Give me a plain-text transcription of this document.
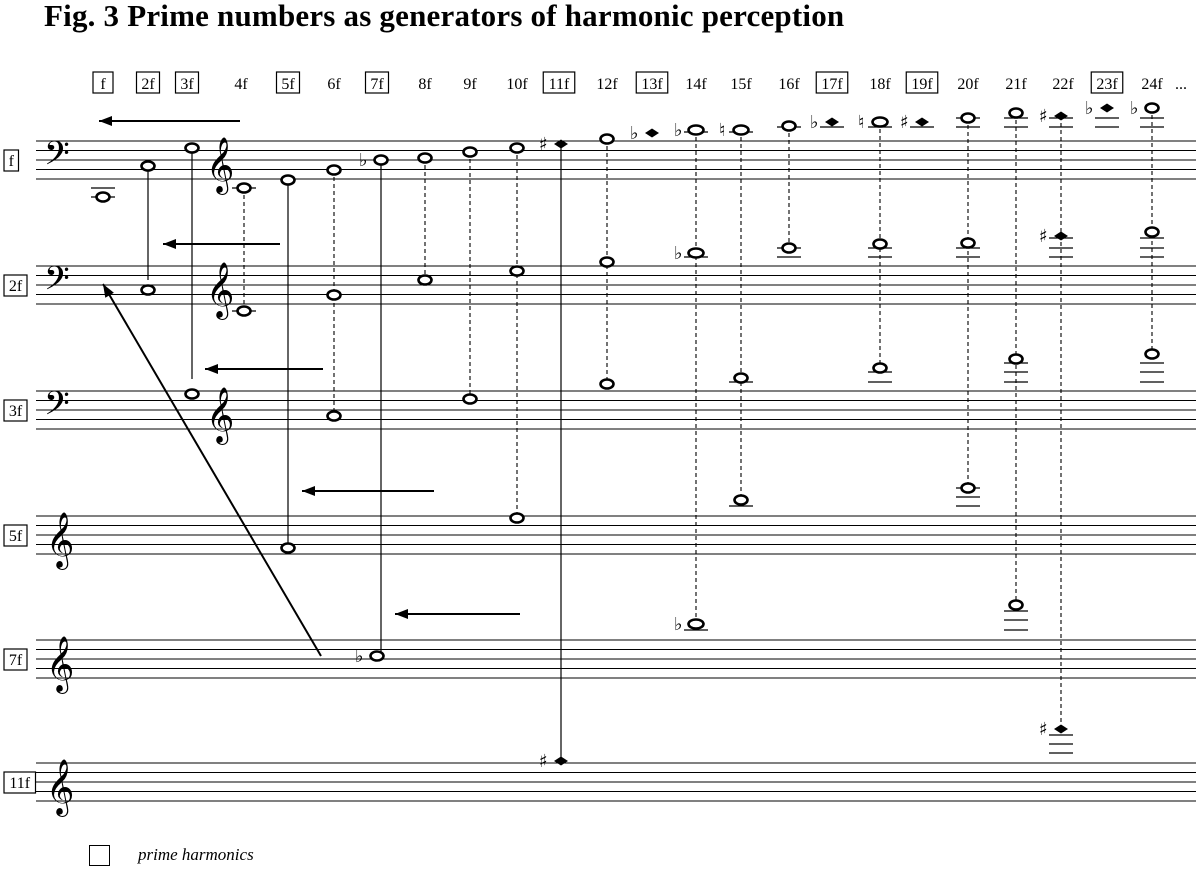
Fig. 3 Prime numbers as generators of harmonic perception
f
2f
3f
5f
7f
11f
𝄢	𝄞
𝄢	𝄞
𝄢	𝄞
𝄞
𝄞
𝄞
♭
♯
♭ ♭ ♮	♭ ♮ ♯	♯ ♭ ♭
♭
♯
♭
♭
♯
♯
f 2f 3f	4f 5f 6f 7f 8f 9f 10f 11f 12f 13f 14f 15f 16f 17f 18f 19f 20f 21f 22f 23f 24f ...
prime harmonics
